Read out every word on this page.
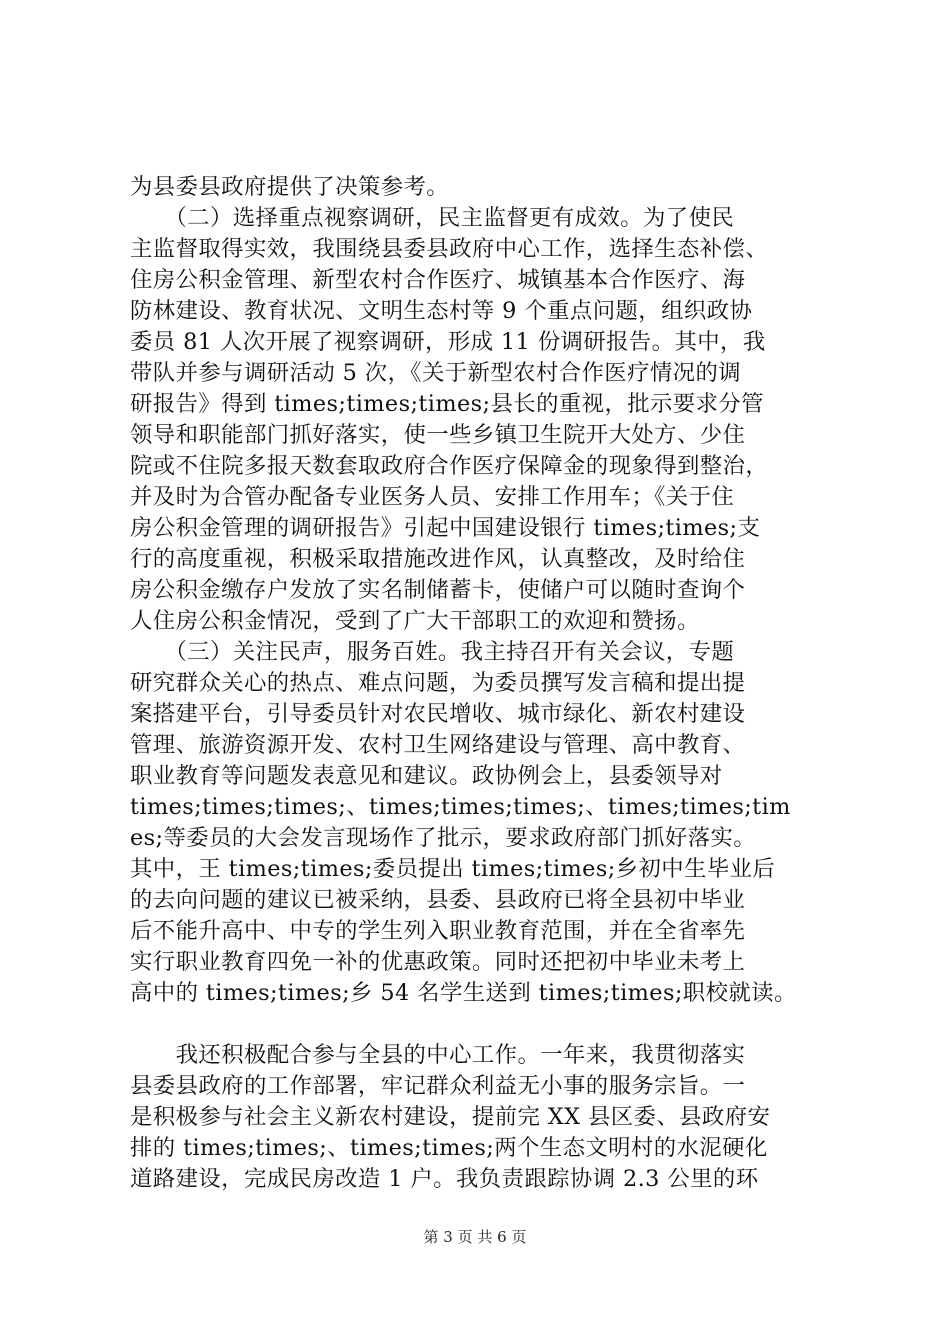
为县委县政府提供了决策参考。
　　（二）选择重点视察调研，民主监督更有成效。为了使民
主监督取得实效，我围绕县委县政府中心工作，选择生态补偿、
住房公积金管理、新型农村合作医疗、城镇基本合作医疗、海
防林建设、教育状况、文明生态村等 9 个重点问题，组织政协
委员 81 人次开展了视察调研，形成 11 份调研报告。其中，我
带队并参与调研活动 5 次，《关于新型农村合作医疗情况的调
研报告》得到 times;times;times;县长的重视，批示要求分管
领导和职能部门抓好落实，使一些乡镇卫生院开大处方、少住
院或不住院多报天数套取政府合作医疗保障金的现象得到整治，
并及时为合管办配备专业医务人员、安排工作用车；《关于住
房公积金管理的调研报告》引起中国建设银行 times;times;支
行的高度重视，积极采取措施改进作风，认真整改，及时给住
房公积金缴存户发放了实名制储蓄卡，使储户可以随时查询个
人住房公积金情况，受到了广大干部职工的欢迎和赞扬。
　　（三）关注民声，服务百姓。我主持召开有关会议，专题
研究群众关心的热点、难点问题，为委员撰写发言稿和提出提
案搭建平台，引导委员针对农民增收、城市绿化、新农村建设
管理、旅游资源开发、农村卫生网络建设与管理、高中教育、
职业教育等问题发表意见和建议。政协例会上，县委领导对
times;times;times;、times;times;times;、times;times;tim
es;等委员的大会发言现场作了批示，要求政府部门抓好落实。
其中，王 times;times;委员提出 times;times;乡初中生毕业后
的去向问题的建议已被采纳，县委、县政府已将全县初中毕业
后不能升高中、中专的学生列入职业教育范围，并在全省率先
实行职业教育四免一补的优惠政策。同时还把初中毕业未考上
高中的 times;times;乡 54 名学生送到 times;times;职校就读。
　　我还积极配合参与全县的中心工作。一年来，我贯彻落实
县委县政府的工作部署，牢记群众利益无小事的服务宗旨。一
是积极参与社会主义新农村建设，提前完 XX 县区委、县政府安
排的 times;times;、times;times;两个生态文明村的水泥硬化
道路建设，完成民房改造 1 户。我负责跟踪协调 2.3 公里的环
第 3 页 共 6 页
